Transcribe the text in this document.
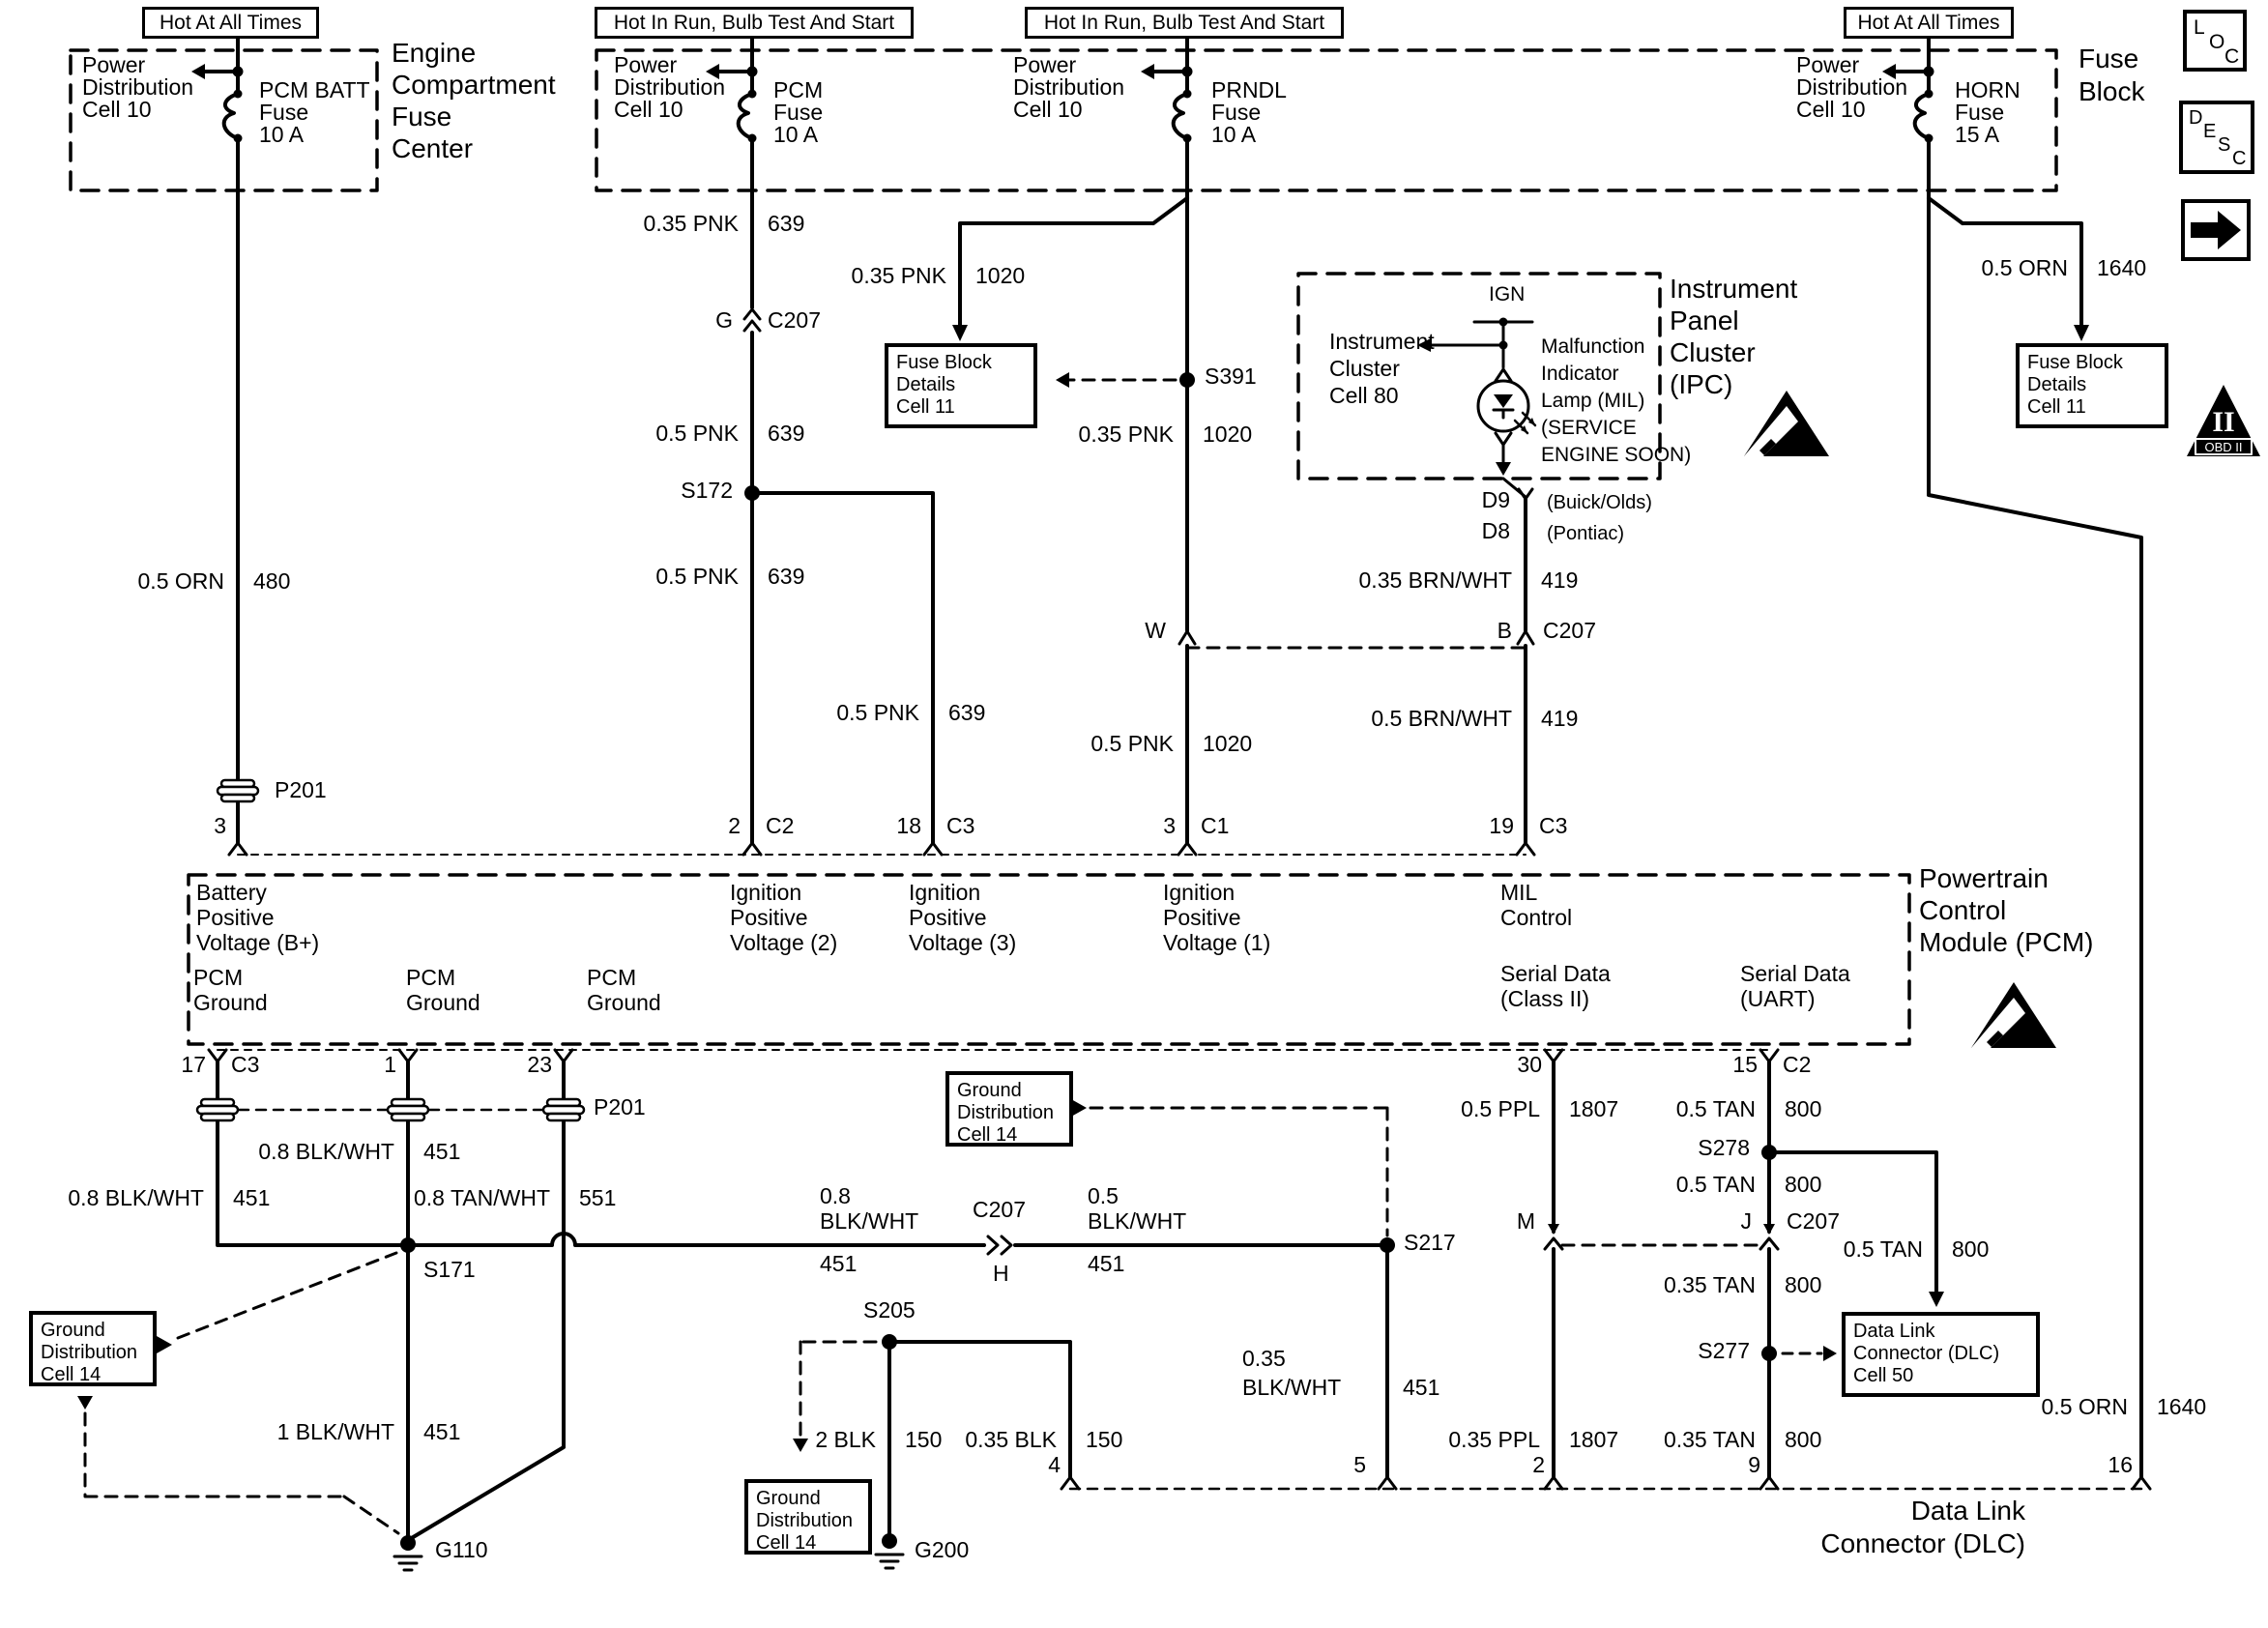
II
OBD II
Hot At All Times	Hot In Run, Bulb Test And Start	Hot In Run, Bulb Test And Start	Hot At All Times
Fuse Block
Details
Cell 11
Fuse Block
Details
Cell 11
Ground
Distribution
Cell 14
Ground
Distribution
Cell 14
Ground
Distribution
Cell 14
Data Link
Connector (DLC)
Cell 50
L
O
C
D
E
S
C
Power
Distribution
Cell 10
PCM BATT
Fuse
10 A
Power
Distribution
Cell 10
PCM
Fuse
10 A
Power
Distribution
Cell 10
PRNDL
Fuse
10 A
Power
Distribution
Cell 10
HORN
Fuse
15 A
Engine
Compartment
Fuse
Center
Fuse
Block
Instrument
Panel
Cluster
(IPC)
Powertrain
Control
Module (PCM)
Data Link
Connector (DLC)
0.5 ORN 480
P201
3
0.35 PNK 639
G C207
0.5 PNK 639
S172
0.5 PNK 639
0.5 PNK 639
2 C2	18 C3
0.35 PNK 1020
S391
0.35 PNK 1020
W
0.5 PNK 1020
3 C1
D9 (Buick/Olds)
D8 (Pontiac)
0.35 BRN/WHT 419
B C207
0.5 BRN/WHT 419
19 C3
0.5 ORN 1640
IGN
Instrument
Cluster
Cell 80
Malfunction
Indicator
Lamp (MIL)
(SERVICE
ENGINE SOON)
Battery
Positive
Voltage (B+)
Ignition
Positive
Voltage (2)
Ignition
Positive
Voltage (3)
Ignition
Positive
Voltage (1)
MIL
Control
PCM
Ground
PCM
Ground
PCM
Ground
Serial Data
(Class II)
Serial Data
(UART)
17 C3	1	23	30	15 C2
P201
0.8 BLK/WHT 451
0.8 BLK/WHT 451	0.8 TAN/WHT 551
S171
0.8
BLK/WHT
451
C207
H
0.5
BLK/WHT
451
S217
S205
2 BLK 150
G200
0.35 BLK 150
4
0.35
BLK/WHT	451
5
1 BLK/WHT 451
G110
0.5 PPL 1807
M
0.5 TAN 800
S278
0.5 TAN 800
J C207
0.5 TAN 800
0.35 TAN 800
S277
0.35 PPL 1807
2
0.35 TAN 800
9
0.5 ORN 1640
16
